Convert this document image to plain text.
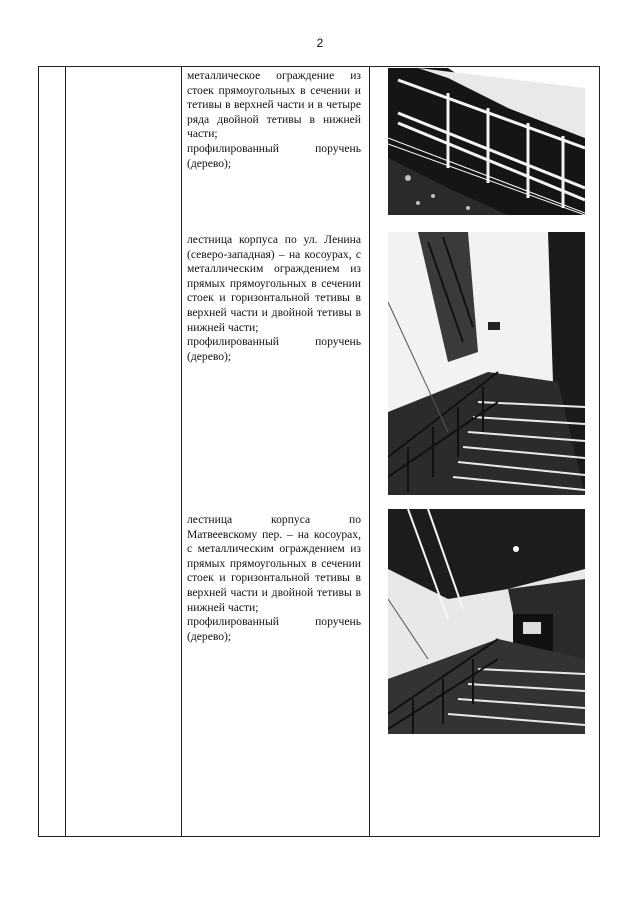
2
металлическое ограждение из стоек прямоугольных в сечении и тетивы в верхней части и в четыре ряда двойной тетивы в нижней части;
профилированный поручень (дерево);
лестница корпуса по ул. Ленина (северо-западная) – на косоурах, с металлическим ограждением из прямых прямоугольных в сечении стоек и горизонтальной тетивы в верхней части и двойной тетивы в нижней части;
профилированный поручень (дерево);
лестница корпуса по Матвеевскому пер. – на косоурах, с металлическим ограждением из прямых прямоугольных в сечении стоек и горизонтальной тетивы в верхней части и двойной тетивы в нижней части;
профилированный поручень (дерево);
